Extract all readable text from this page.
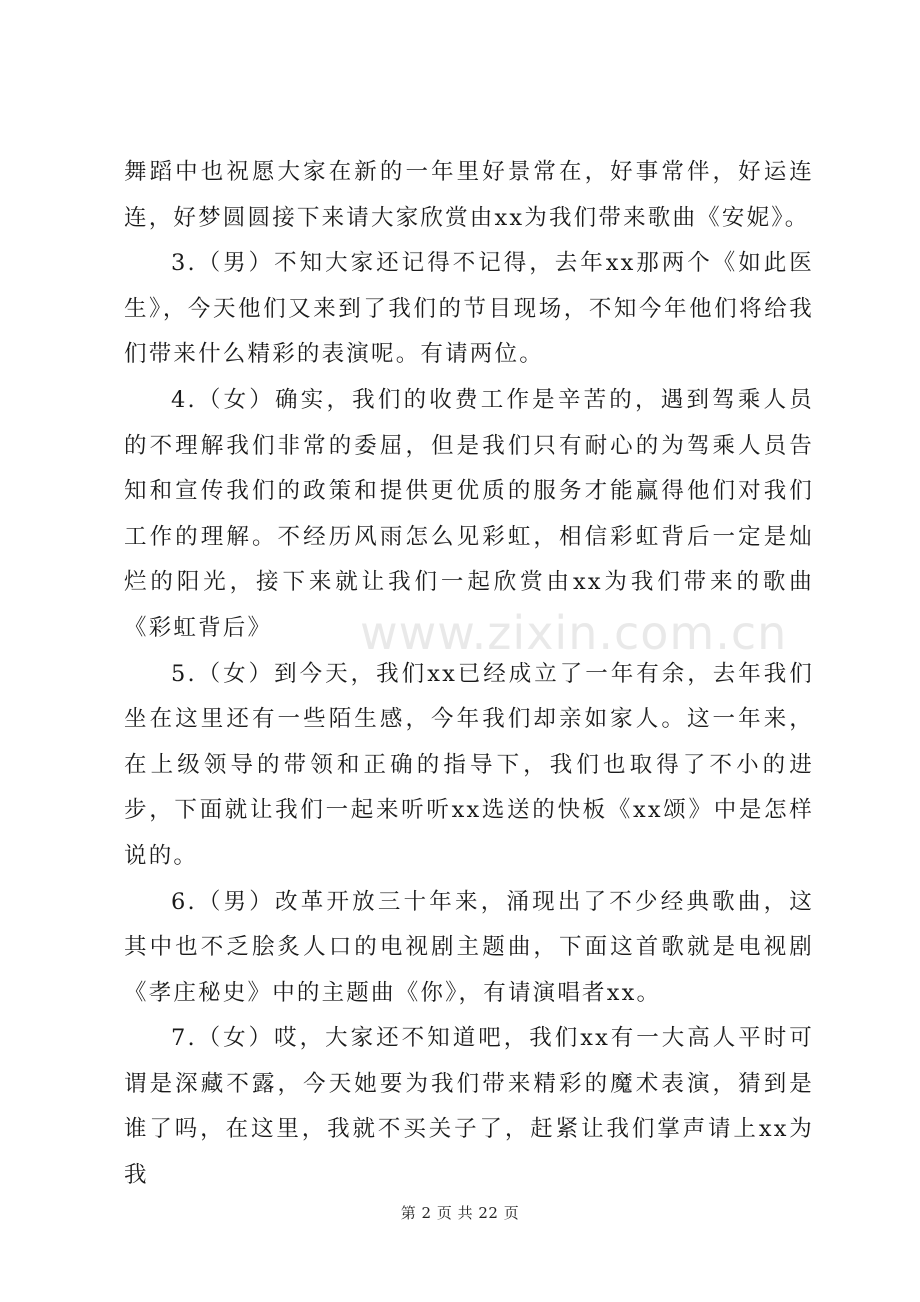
舞蹈中也祝愿大家在新的一年里好景常在，好事常伴，好运连连，好梦圆圆接下来请大家欣赏由xx为我们带来歌曲《安妮》。

3.（男）不知大家还记得不记得，去年xx那两个《如此医生》，今天他们又来到了我们的节目现场，不知今年他们将给我们带来什么精彩的表演呢。有请两位。

4.（女）确实，我们的收费工作是辛苦的，遇到驾乘人员的不理解我们非常的委屈，但是我们只有耐心的为驾乘人员告知和宣传我们的政策和提供更优质的服务才能赢得他们对我们工作的理解。不经历风雨怎么见彩虹，相信彩虹背后一定是灿烂的阳光，接下来就让我们一起欣赏由xx为我们带来的歌曲《彩虹背后》

5.（女）到今天，我们xx已经成立了一年有余，去年我们坐在这里还有一些陌生感，今年我们却亲如家人。这一年来，在上级领导的带领和正确的指导下，我们也取得了不小的进步，下面就让我们一起来听听xx选送的快板《xx颂》中是怎样说的。

6.（男）改革开放三十年来，涌现出了不少经典歌曲，这其中也不乏脍炙人口的电视剧主题曲，下面这首歌就是电视剧《孝庄秘史》中的主题曲《你》，有请演唱者xx。

7.（女）哎，大家还不知道吧，我们xx有一大高人平时可谓是深藏不露，今天她要为我们带来精彩的魔术表演，猜到是谁了吗，在这里，我就不买关子了，赶紧让我们掌声请上xx为我

www.zixin.com.cn
第 2 页 共 22 页
